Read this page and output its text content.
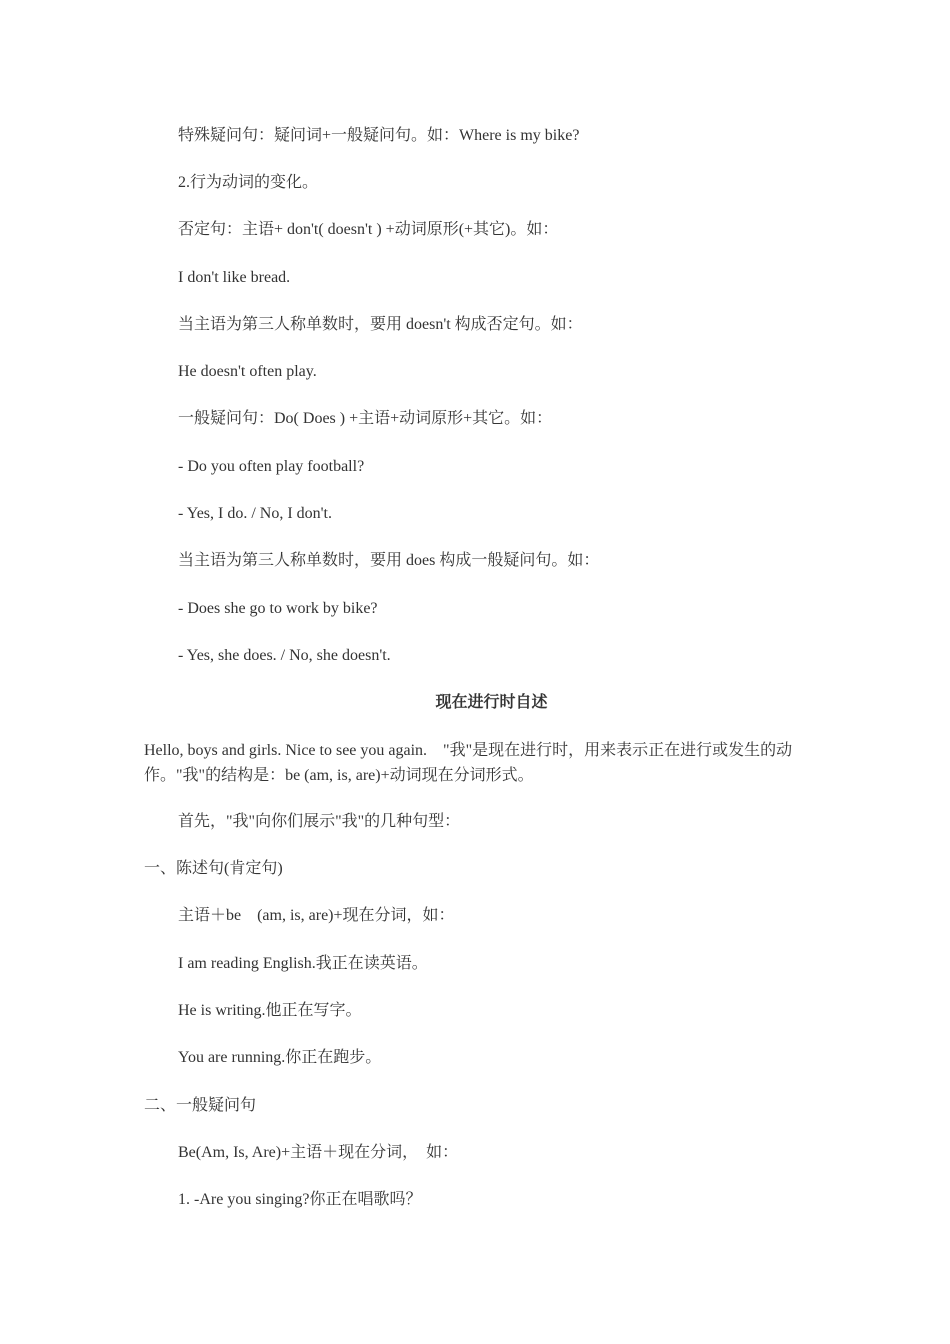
特殊疑问句：疑问词+一般疑问句。如：Where is my bike?
2.行为动词的变化。
否定句：主语+ don't( doesn't ) +动词原形(+其它)。如：
I don't like bread.
当主语为第三人称单数时，要用 doesn't 构成否定句。如：
He doesn't often play.
一般疑问句：Do( Does ) +主语+动词原形+其它。如：
- Do you often play football?
- Yes, I do. / No, I don't.
当主语为第三人称单数时，要用 does 构成一般疑问句。如：
- Does she go to work by bike?
- Yes, she does. / No, she doesn't.
现在进行时自述
Hello, boys and girls. Nice to see you again.　"我"是现在进行时，用来表示正在进行或发生的动作。"我"的结构是：be (am, is, are)+动词现在分词形式。
首先，"我"向你们展示"我"的几种句型：
一、陈述句(肯定句)
主语＋be　(am, is, are)+现在分词，如：
I am reading English.我正在读英语。
He is writing.他正在写字。
You are running.你正在跑步。
二、一般疑问句
Be(Am, Is, Are)+主语＋现在分词，　如：
1. -Are you singing?你正在唱歌吗？
